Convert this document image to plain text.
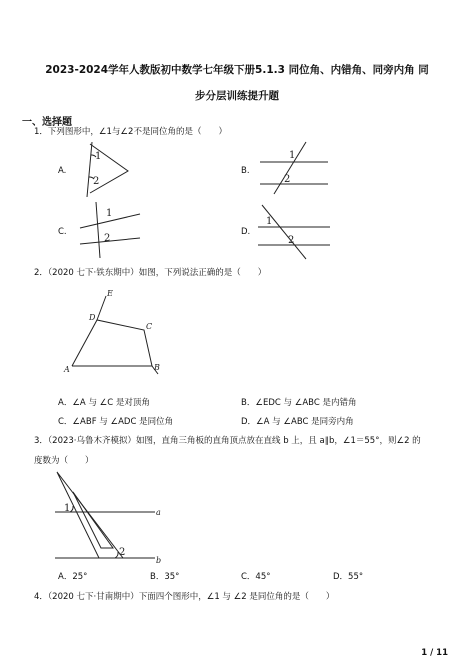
2023-2024学年人教版初中数学七年级下册5.1.3 同位角、内错角、同旁内角 同
步分层训练提升题
一、选择题
1．下列图形中，∠1与∠2不是同位角的是（　　）
A.
1
2
B.
1
2
C.
1
2
D.
1
2
2．（2020 七下·铁东期中）如图，下列说法正确的是（　　）
E
D
C
A	B
A．∠A 与 ∠C 是对顶角	B．∠EDC 与 ∠ABC 是内错角
C．∠ABF 与 ∠ADC 是同位角	D．∠A 与 ∠ABC 是同旁内角
3．（2023·乌鲁木齐模拟）如图，直角三角板的直角顶点放在直线 b 上，且 a∥b，∠1＝55°，则∠2 的
度数为（　　）
1
2
a
b
A．25°	B．35°	C．45°	D．55°
4．（2020 七下·甘南期中）下面四个图形中，∠1 与 ∠2 是同位角的是（　　）
1 / 11
